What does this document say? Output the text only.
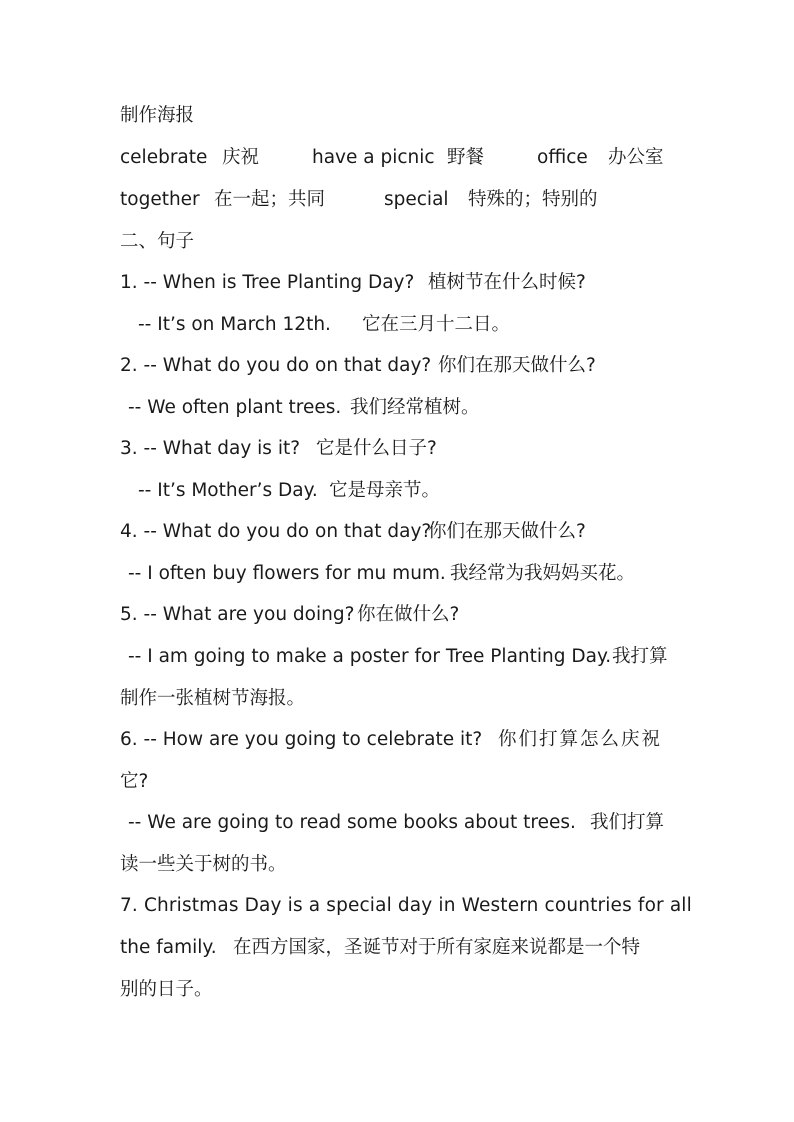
制作海报
celebrate 庆祝	have a picnic 野餐	office 办公室
together 在一起；共同	special 特殊的；特别的
二、句子
1. -- When is Tree Planting Day? 植树节在什么时候?
-- It’s on March 12th. 它在三月十二日。
2. -- What do you do on that day? 你们在那天做什么?
-- We often plant trees. 我们经常植树。
3. -- What day is it? 它是什么日子?
-- It’s Mother’s Day. 它是母亲节。
4. -- What do you do on that day?
你们在那天做什么?
-- I often buy flowers for mu mum. 我经常为我妈妈买花。
5. -- What are you doing? 你在做什么?
-- I am going to make a poster for Tree Planting Day. 我打算
制作一张植树节海报。
6. -- How are you going to celebrate it? 你们打算怎么庆祝
它?
-- We are going to read some books about trees. 我们打算
读一些关于树的书。
7. Christmas Day is a special day in Western countries for all
the family. 在西方国家，圣诞节对于所有家庭来说都是一个特
别的日子。
